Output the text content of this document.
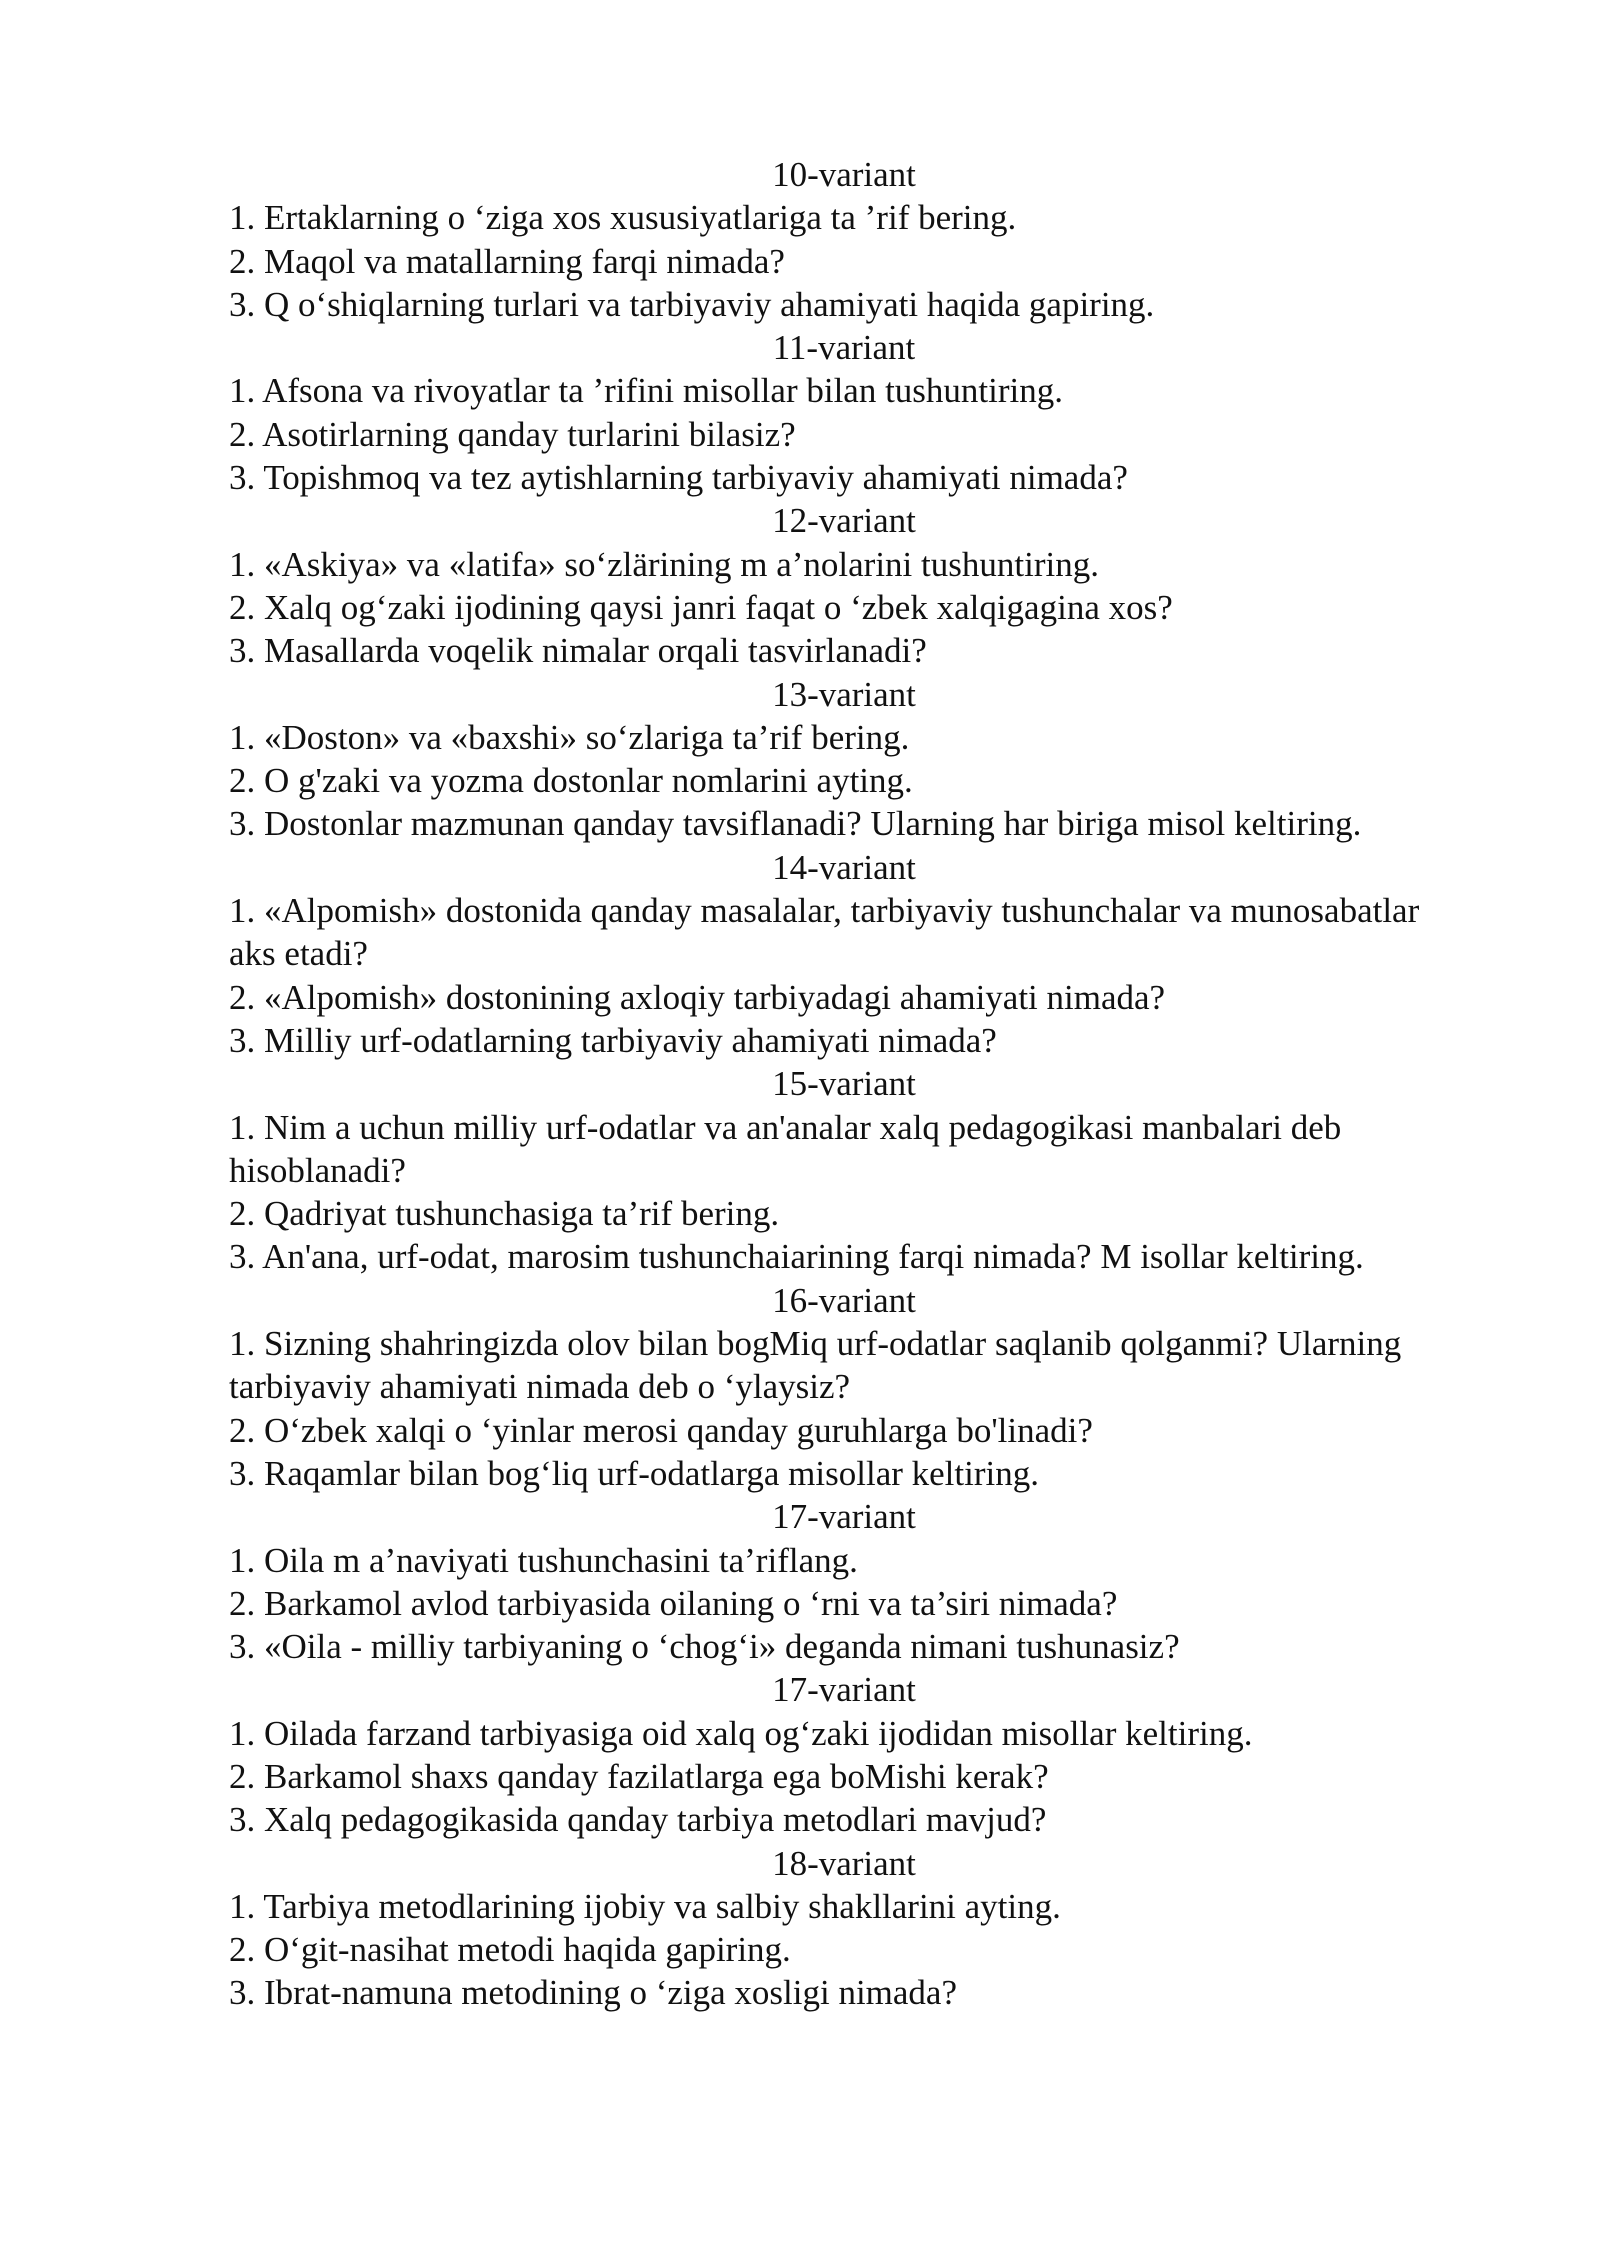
10-variant

1. Ertaklarning o ‘ziga xos xususiyatlariga ta ’rif bering.

2. Maqol va matallarning farqi nimada?

3. Q o‘shiqlarning turlari va tarbiyaviy ahamiyati haqida gapiring.

11-variant

1. Afsona va rivoyatlar ta ’rifini misollar bilan tushuntiring.

2. Asotirlarning qanday turlarini bilasiz?

3. Topishmoq va tez aytishlarning tarbiyaviy ahamiyati nimada?

12-variant

1. «Askiya» va «latifa» so‘zlärining m a’nolarini tushuntiring.

2. Xalq og‘zaki ijodining qaysi janri faqat o ‘zbek xalqigagina xos?

3. Masallarda voqelik nimalar orqali tasvirlanadi?

13-variant

1. «Doston» va «baxshi» so‘zlariga ta’rif bering.

2. O g'zaki va yozma dostonlar nomlarini ayting.

3. Dostonlar mazmunan qanday tavsiflanadi? Ularning har biriga misol keltiring.

14-variant

1. «Alpomish» dostonida qanday masalalar, tarbiyaviy tushunchalar va munosabatlar aks etadi?

2. «Alpomish» dostonining axloqiy tarbiyadagi ahamiyati nimada?

3. Milliy urf-odatlarning tarbiyaviy ahamiyati nimada?

15-variant

1. Nim a uchun milliy urf-odatlar va an'analar xalq pedagogikasi manbalari deb hisoblanadi?

2. Qadriyat tushunchasiga ta’rif bering.

3. An'ana, urf-odat, marosim tushunchaiarining farqi nimada? M isollar keltiring.

16-variant

1. Sizning shahringizda olov bilan bogMiq urf-odatlar saqlanib qolganmi? Ularning tarbiyaviy ahamiyati nimada deb o ‘ylaysiz?

2. O‘zbek xalqi o ‘yinlar merosi qanday guruhlarga bo'linadi?

3. Raqamlar bilan bog‘liq urf-odatlarga misollar keltiring.

17-variant

1. Oila m a’naviyati tushunchasini ta’riflang.

2. Barkamol avlod tarbiyasida oilaning o ‘rni va ta’siri nimada?

3. «Oila - milliy tarbiyaning o ‘chog‘i» deganda nimani tushunasiz?

17-variant

1. Oilada farzand tarbiyasiga oid xalq og‘zaki ijodidan misollar keltiring.

2. Barkamol shaxs qanday fazilatlarga ega boMishi kerak?

3. Xalq pedagogikasida qanday tarbiya metodlari mavjud?

18-variant

1. Tarbiya metodlarining ijobiy va salbiy shakllarini ayting.

2. O‘git-nasihat metodi haqida gapiring.

3. Ibrat-namuna metodining o ‘ziga xosligi nimada?
